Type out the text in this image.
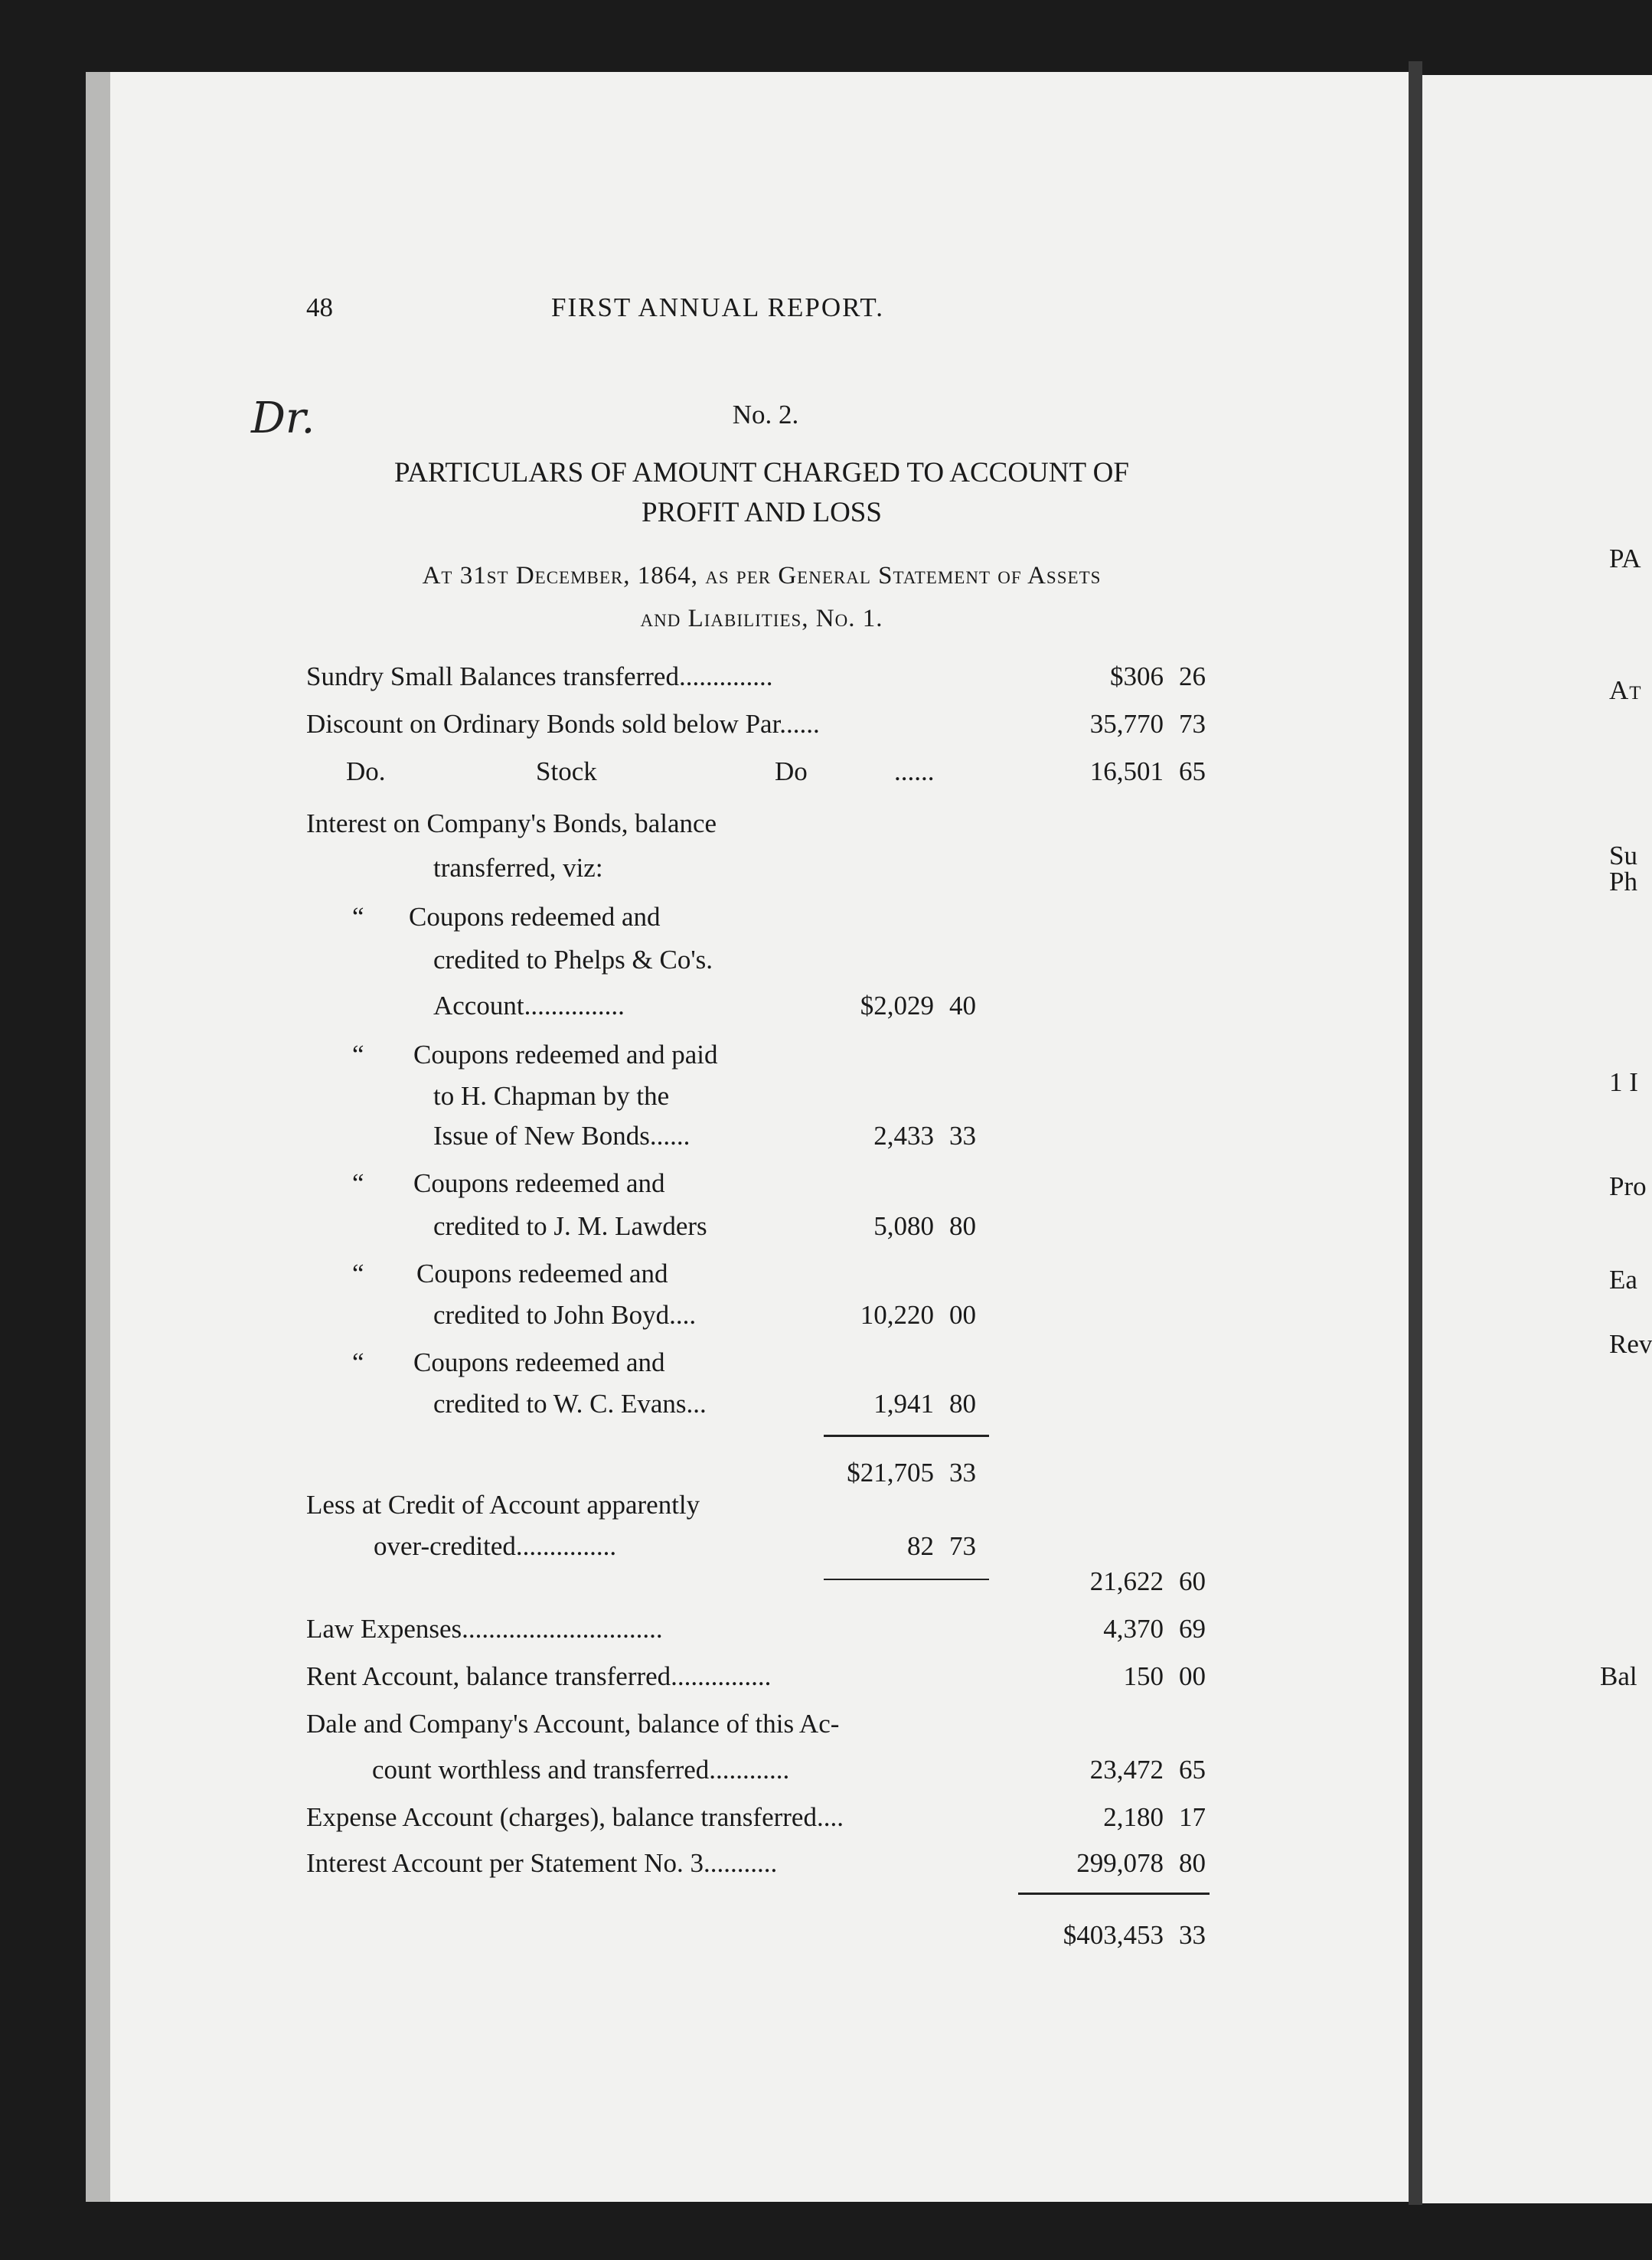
48	FIRST ANNUAL REPORT.
Dr.	No. 2.
PARTICULARS OF AMOUNT CHARGED TO ACCOUNT OF
PROFIT AND LOSS
At 31st December, 1864, as per General Statement of Assets
and Liabilities, No. 1.
Sundry Small Balances transferred..............	$306 26
Discount on Ordinary Bonds sold below Par......	35,770 73
Do.	Stock	Do	......	16,501 65
Interest on Company's Bonds, balance
transferred, viz:
“ Coupons redeemed and
credited to Phelps & Co's.
Account...............	$2,029 40
“ Coupons redeemed and paid
to H. Chapman by the
Issue of New Bonds......	2,433 33
“ Coupons redeemed and
credited to J. M. Lawders	5,080 80
“ Coupons redeemed and
credited to John Boyd....	10,220 00
“ Coupons redeemed and
credited to W. C. Evans...	1,941 80
$21,705 33
Less at Credit of Account apparently
over-credited...............	82 73
21,622 60
Law Expenses..............................	4,370 69
Rent Account, balance transferred...............	150 00
Dale and Company's Account, balance of this Ac-
count worthless and transferred............	23,472 65
Expense Account (charges), balance transferred....	2,180 17
Interest Account per Statement No. 3...........	299,078 80
$403,453 33
PA
At
Su
Ph
1 I
Pro
Ea
Rev
Bal
